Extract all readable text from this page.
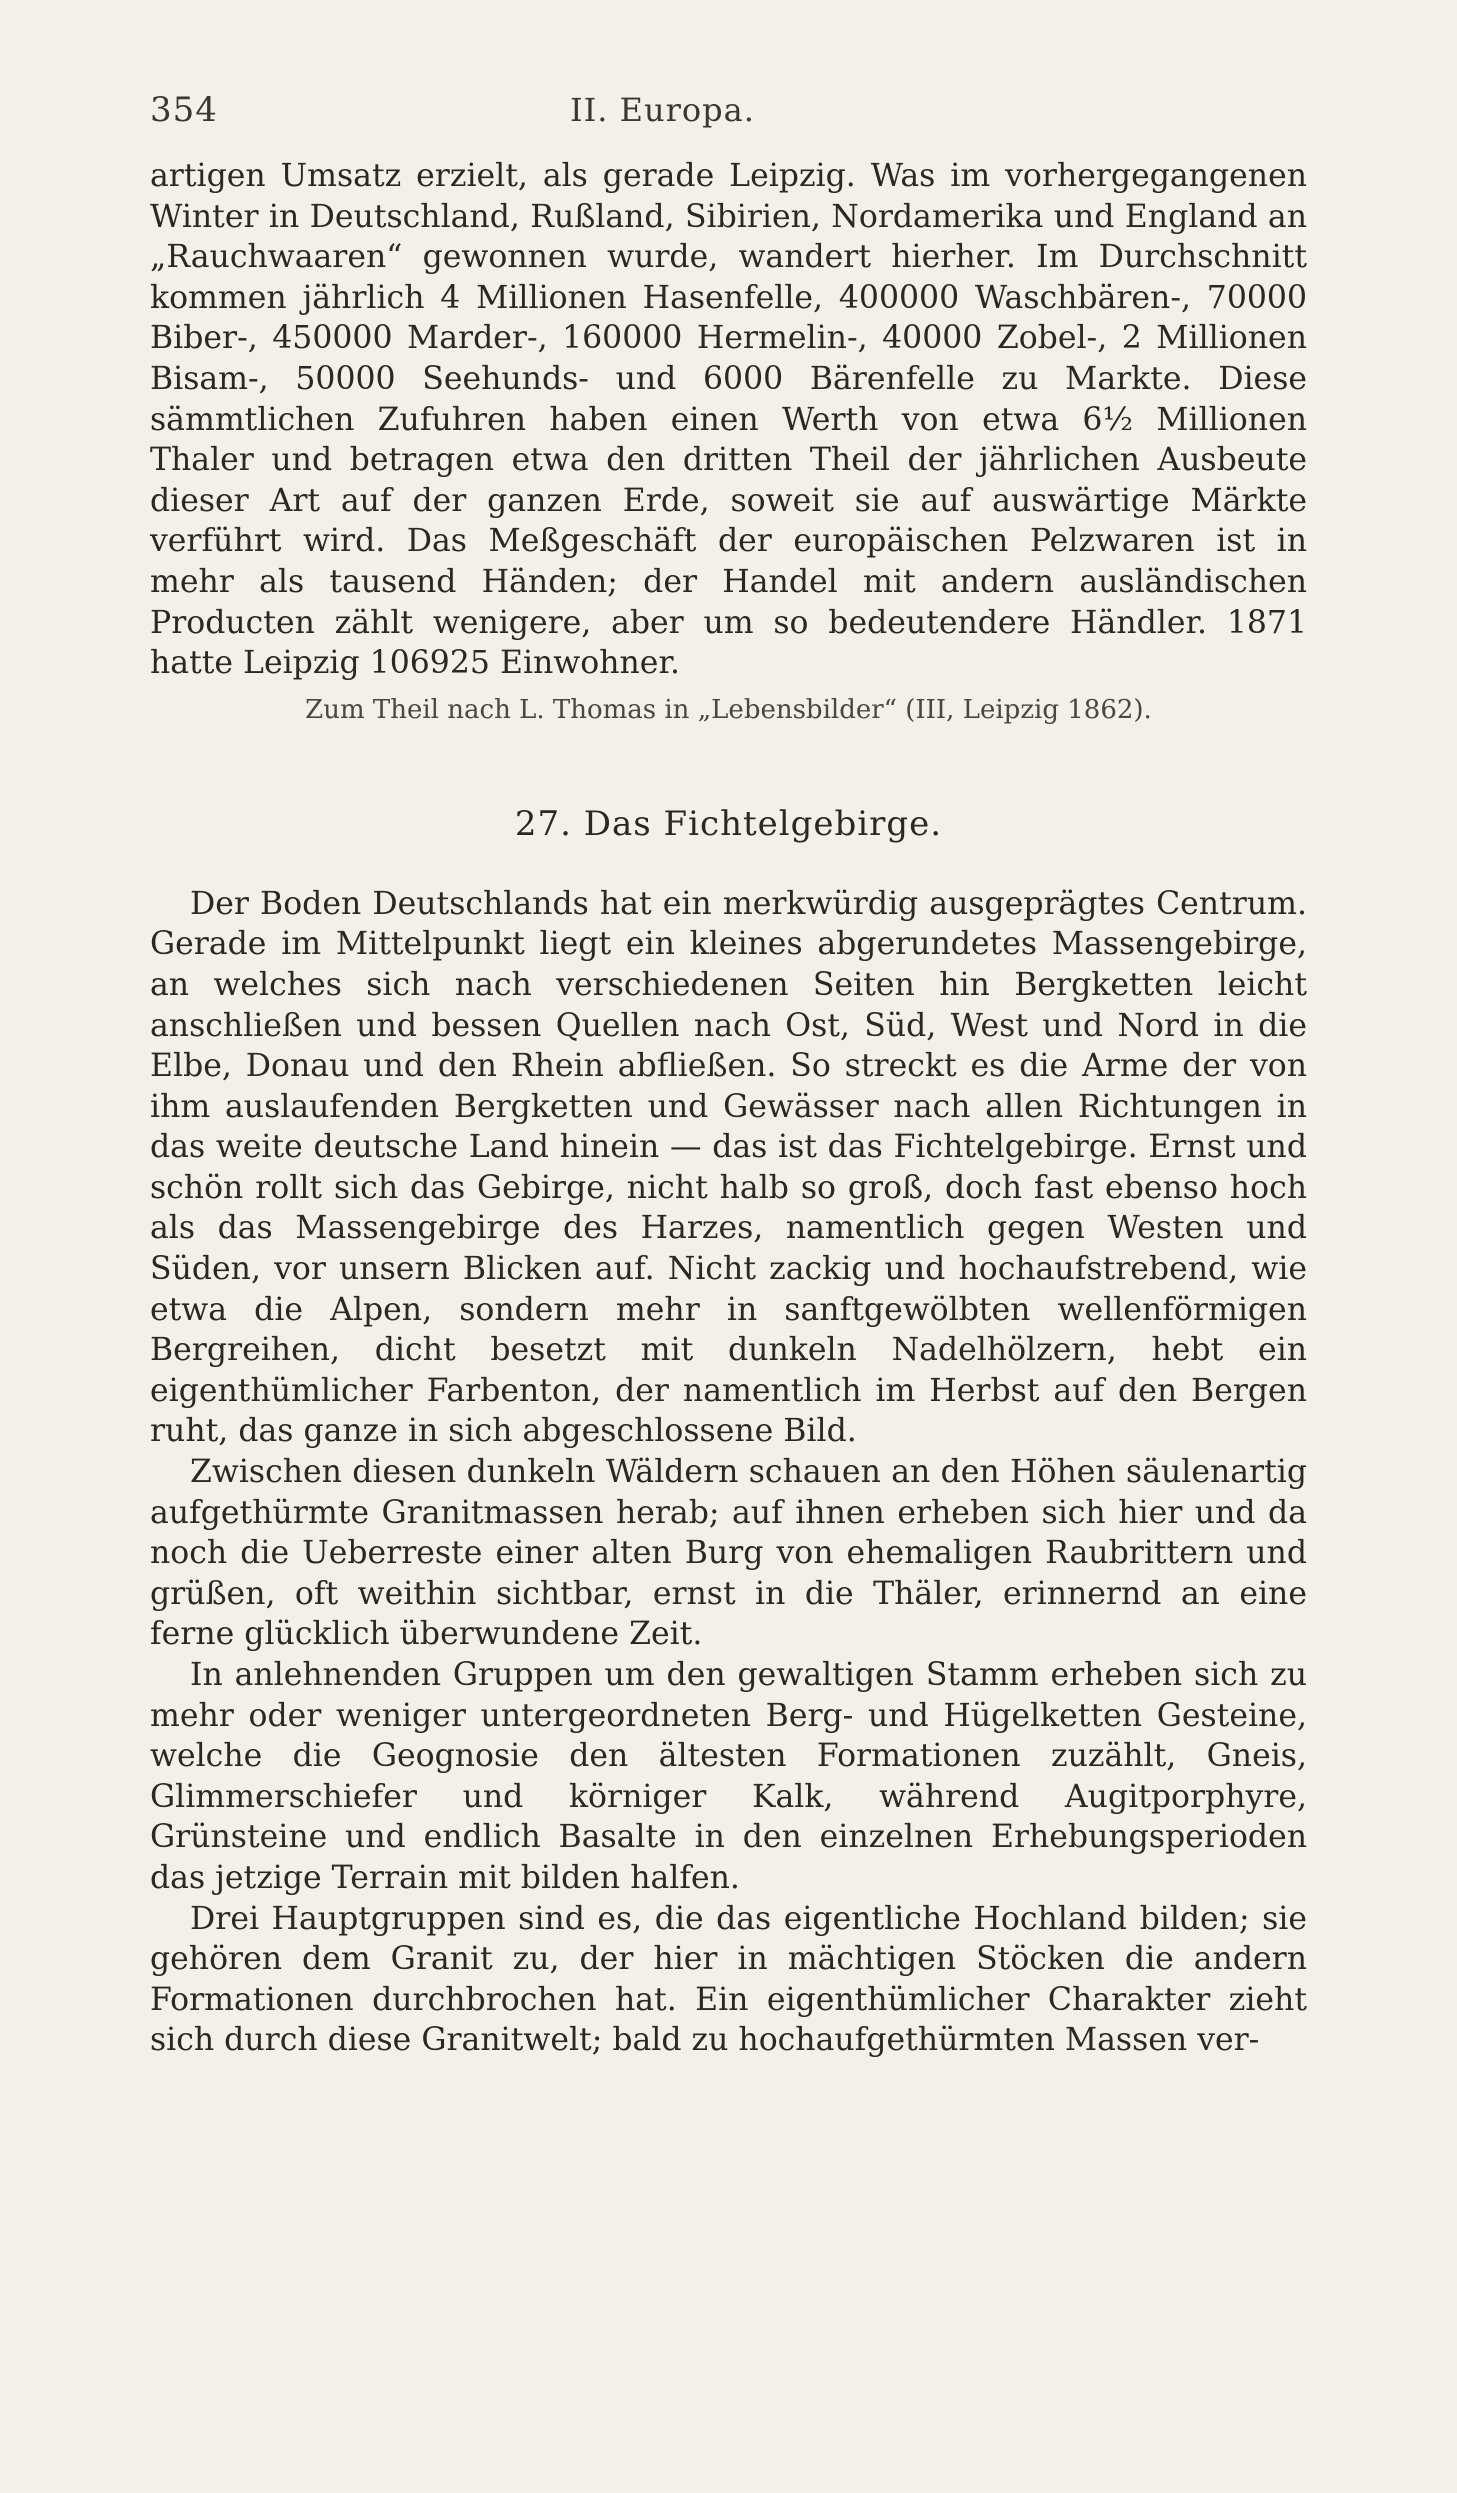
354	II. Europa.

artigen Umsatz erzielt, als gerade Leipzig. Was im vorhergegangenen Winter in Deutschland, Rußland, Sibirien, Nordamerika und England an „Rauchwaaren“ gewonnen wurde, wandert hierher. Im Durchschnitt kommen jährlich 4 Millionen Hasenfelle, 400000 Waschbären-, 70000 Biber-, 450000 Marder-, 160000 Hermelin-, 40000 Zobel-, 2 Millionen Bisam-, 50000 Seehunds- und 6000 Bärenfelle zu Markte. Diese sämmtlichen Zufuhren haben einen Werth von etwa 6½ Millionen Thaler und betragen etwa den dritten Theil der jährlichen Ausbeute dieser Art auf der ganzen Erde, soweit sie auf auswärtige Märkte verführt wird. Das Meßgeschäft der europäischen Pelzwaren ist in mehr als tausend Händen; der Handel mit andern ausländischen Producten zählt wenigere, aber um so bedeutendere Händler. 1871 hatte Leipzig 106925 Einwohner.

Zum Theil nach L. Thomas in „Lebensbilder“ (III, Leipzig 1862).

27. Das Fichtelgebirge.

Der Boden Deutschlands hat ein merkwürdig ausgeprägtes Centrum. Gerade im Mittelpunkt liegt ein kleines abgerundetes Massengebirge, an welches sich nach verschiedenen Seiten hin Bergketten leicht anschließen und bessen Quellen nach Ost, Süd, West und Nord in die Elbe, Donau und den Rhein abfließen. So streckt es die Arme der von ihm auslaufenden Bergketten und Gewässer nach allen Richtungen in das weite deutsche Land hinein — das ist das Fichtelgebirge. Ernst und schön rollt sich das Gebirge, nicht halb so groß, doch fast ebenso hoch als das Massengebirge des Harzes, namentlich gegen Westen und Süden, vor unsern Blicken auf. Nicht zackig und hochaufstrebend, wie etwa die Alpen, sondern mehr in sanftgewölbten wellenförmigen Bergreihen, dicht besetzt mit dunkeln Nadelhölzern, hebt ein eigenthümlicher Farbenton, der namentlich im Herbst auf den Bergen ruht, das ganze in sich abgeschlossene Bild.

Zwischen diesen dunkeln Wäldern schauen an den Höhen säulenartig aufgethürmte Granitmassen herab; auf ihnen erheben sich hier und da noch die Ueberreste einer alten Burg von ehemaligen Raubrittern und grüßen, oft weithin sichtbar, ernst in die Thäler, erinnernd an eine ferne glücklich überwundene Zeit.

In anlehnenden Gruppen um den gewaltigen Stamm erheben sich zu mehr oder weniger untergeordneten Berg- und Hügelketten Gesteine, welche die Geognosie den ältesten Formationen zuzählt, Gneis, Glimmerschiefer und körniger Kalk, während Augitporphyre, Grünsteine und endlich Basalte in den einzelnen Erhebungsperioden das jetzige Terrain mit bilden halfen.

Drei Hauptgruppen sind es, die das eigentliche Hochland bilden; sie gehören dem Granit zu, der hier in mächtigen Stöcken die andern Formationen durchbrochen hat. Ein eigenthümlicher Charakter zieht sich durch diese Granitwelt; bald zu hochaufgethürmten Massen ver-
